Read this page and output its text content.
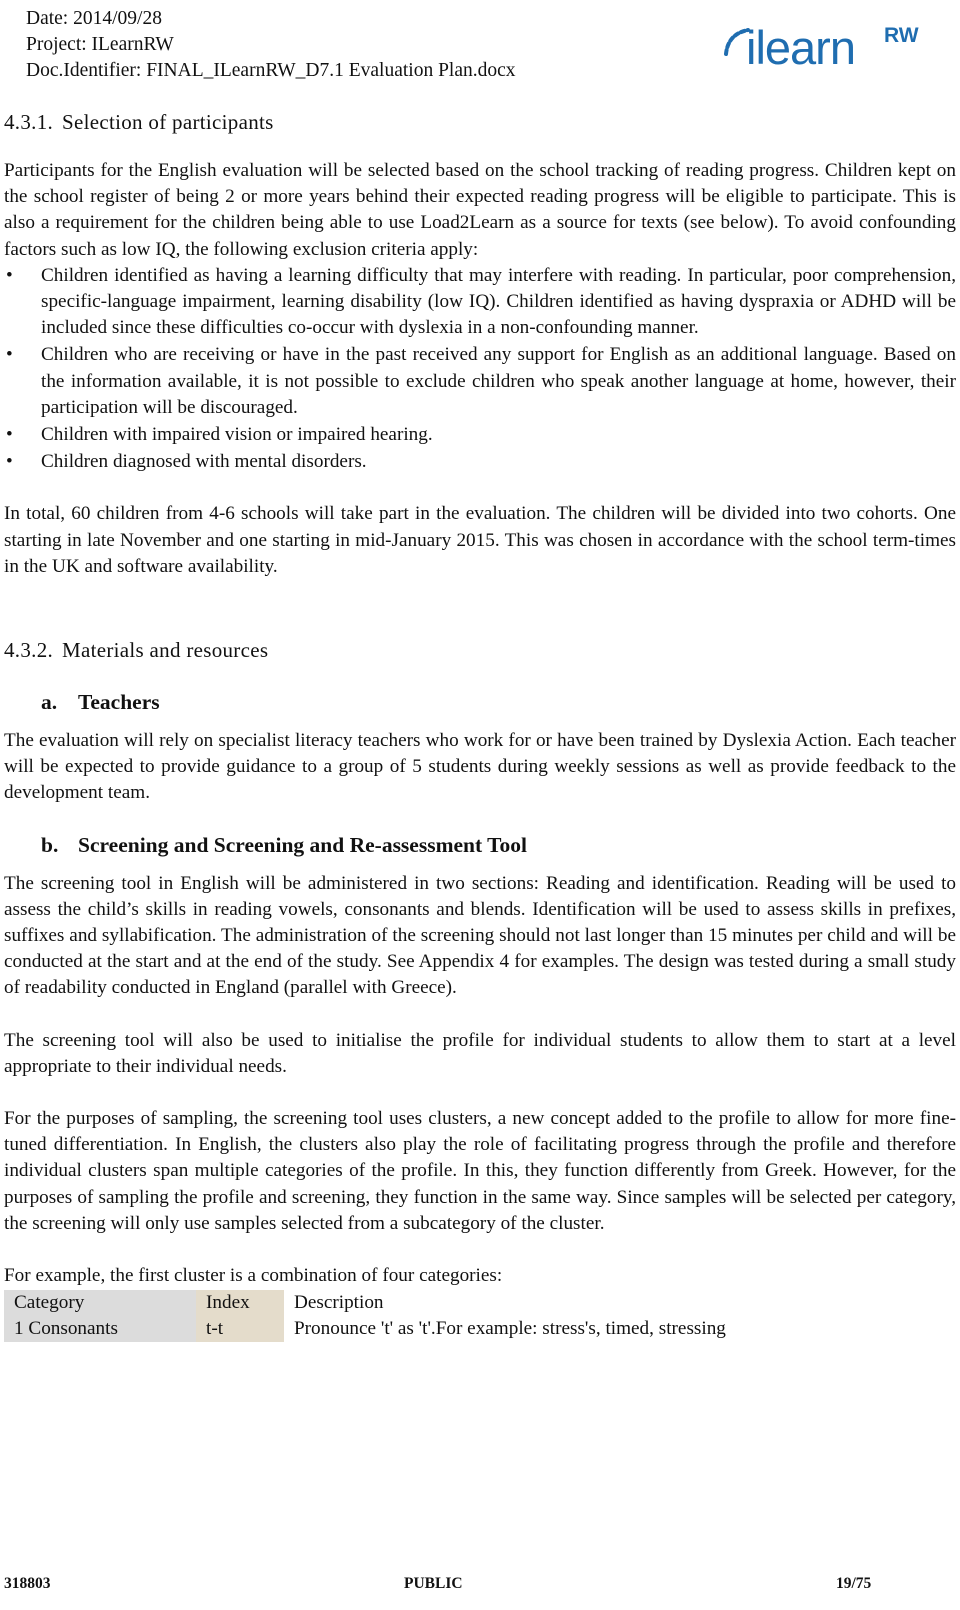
Date: 2014/09/28
Project: ILearnRW
Doc.Identifier: FINAL_ILearnRW_D7.1 Evaluation Plan.docx	ilearn RW

4.3.1. Selection of participants

Participants for the English evaluation will be selected based on the school tracking of reading progress. Children kept on the school register of being 2 or more years behind their expected reading progress will be eligible to participate. This is also a requirement for the children being able to use Load2Learn as a source for texts (see below). To avoid confounding factors such as low IQ, the following exclusion criteria apply:

• Children identified as having a learning difficulty that may interfere with reading. In particular, poor comprehension, specific-language impairment, learning disability (low IQ). Children identified as having dyspraxia or ADHD will be included since these difficulties co-occur with dyslexia in a non-confounding manner.
• Children who are receiving or have in the past received any support for English as an additional language. Based on the information available, it is not possible to exclude children who speak another language at home, however, their participation will be discouraged.
• Children with impaired vision or impaired hearing.
• Children diagnosed with mental disorders.

In total, 60 children from 4-6 schools will take part in the evaluation. The children will be divided into two cohorts. One starting in late November and one starting in mid-January 2015. This was chosen in accordance with the school term-times in the UK and software availability.

4.3.2. Materials and resources

a. Teachers

The evaluation will rely on specialist literacy teachers who work for or have been trained by Dyslexia Action. Each teacher will be expected to provide guidance to a group of 5 students during weekly sessions as well as provide feedback to the development team.

b. Screening and Screening and Re-assessment Tool

The screening tool in English will be administered in two sections: Reading and identification. Reading will be used to assess the child’s skills in reading vowels, consonants and blends. Identification will be used to assess skills in prefixes, suffixes and syllabification. The administration of the screening should not last longer than 15 minutes per child and will be conducted at the start and at the end of the study. See Appendix 4 for examples. The design was tested during a small study of readability conducted in England (parallel with Greece).

The screening tool will also be used to initialise the profile for individual students to allow them to start at a level appropriate to their individual needs.

For the purposes of sampling, the screening tool uses clusters, a new concept added to the profile to allow for more fine-tuned differentiation. In English, the clusters also play the role of facilitating progress through the profile and therefore individual clusters span multiple categories of the profile. In this, they function differently from Greek. However, for the purposes of sampling the profile and screening, they function in the same way. Since samples will be selected per category, the screening will only use samples selected from a subcategory of the cluster.

For example, the first cluster is a combination of four categories:

Category	Index	Description
1 Consonants	t-t	Pronounce 't' as 't'.For example: stress's, timed, stressing
318803	PUBLIC	19/75
